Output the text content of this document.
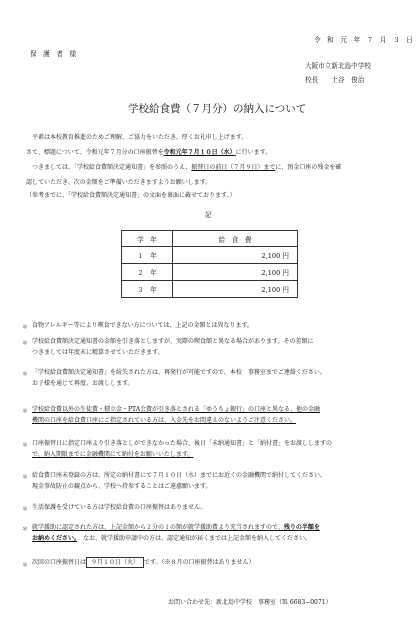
令　和　元　年　７　月　３　日
保　護　者　様
大阪市立新北島中学校
校長　　土谷　俊治
学校給食費（７月分）の納入について
平素は本校教育推進のためご理解、ご協力をいただき、厚くお礼申し上げます。
さて、標題について、令和元年７月分の口座振替を令和元年７月１０日（水）に行います。
つきましては、「学校給食費額決定通知書」を参照のうえ、振替日の前日（７月９日）までに、預金口座の残金を確
認していただき、次の金額をご準備いただきますようお願いします。
（参考までに、「学校給食費額決定通知書」の文面を裏面に載せております。）
記
学　年	給　食　費
１　年	2,100 円
２　年	2,100 円
３　年	2,100 円
＊ 食物アレルギー等により喫食できない方については、上記の金額とは異なります。
＊ 学校給食費額決定通知書の金額を引き落としますが、実際の喫食額と異なる場合があります。その差額に
つきましては年度末に精算させていただきます。
＊ 「学校給食費額決定通知書」を紛失された方は、再発行が可能ですので、本校　事務室までご連絡ください。
お子様を通じて再度、お渡しします。
＊ 学校給食費以外の生徒費・積立金・PTA会費が引き落とされる「ゆうちょ銀行」の口座と異なる、他の金融
機関の口座を給食費口座にご指定されている方は、入金先をお間違えのないようご注意ください。
＊ 口座振替日に指定口座より引き落としができなかった場合、後日「未納通知書」と「納付書」をお渡ししますの
で、納入期限までに金融機関にて納付をお願いいたします。
＊ 給食費口座未登録の方は、所定の納付書にて７月１０日（水）までにお近くの金融機関で納付してください。
現金事故防止の観点から、学校へ持参することはご遠慮願います。
＊ 生活保護を受けている方は学校給食費の口座振替はありません。
＊ 就学援助に認定された方は、上記金額から２分の１の額が就学援助費より充当されますので、残りの半額を
お納めください。　 なお、就学援助申請中の方は、認定通知が届くまでは上記金額を納入してください。
＊ 次回の口座振替日は ９月１０日（火） です。（※８月の口座振替はありません）
お問い合わせ先：新北島中学校　事務室（℡ 6683−0071）
